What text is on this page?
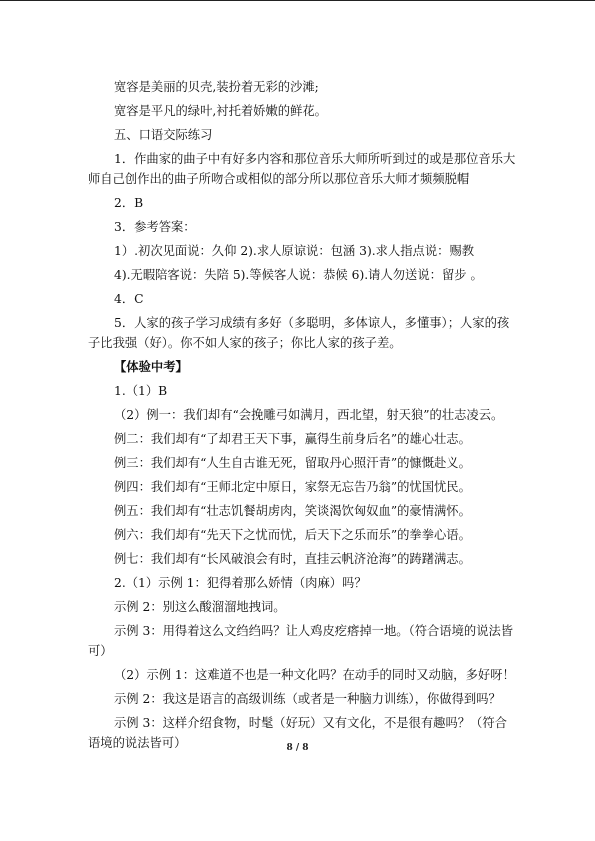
宽容是美丽的贝壳,装扮着无彩的沙滩;
宽容是平凡的绿叶,衬托着娇嫩的鲜花。
五、口语交际练习
1．作曲家的曲子中有好多内容和那位音乐大师所听到过的或是那位音乐大
师自己创作出的曲子所吻合或相似的部分所以那位音乐大师才频频脱帽
2．B
3．参考答案：
1）.初次见面说：久仰 2).求人原谅说：包涵 3).求人指点说：赐教
4).无暇陪客说：失陪 5).等候客人说：恭候 6).请人勿送说：留步 。
4．C
5．人家的孩子学习成绩有多好（多聪明，多体谅人，多懂事）；人家的孩
子比我强（好）。你不如人家的孩子；你比人家的孩子差。
【体验中考】
1.（1）B
（2）例一：我们却有“会挽雕弓如满月，西北望，射天狼”的壮志凌云。
例二：我们却有“了却君王天下事，赢得生前身后名”的雄心壮志。
例三：我们却有“人生自古谁无死，留取丹心照汗青”的慷慨赴义。
例四：我们却有“王师北定中原日，家祭无忘告乃翁”的忧国忧民。
例五：我们却有“壮志饥餐胡虏肉，笑谈渴饮匈奴血”的豪情满怀。
例六：我们却有“先天下之忧而忧，后天下之乐而乐”的拳拳心语。
例七：我们却有“长风破浪会有时，直挂云帆济沧海”的踌躇满志。
2.（1）示例 1：犯得着那么娇情（肉麻）吗？
示例 2：别这么酸溜溜地拽词。
示例 3：用得着这么文绉绉吗？让人鸡皮疙瘩掉一地。（符合语境的说法皆
可）
（2）示例 1：这难道不也是一种文化吗？在动手的同时又动脑，多好呀！
示例 2：我这是语言的高级训练（或者是一种脑力训练），你做得到吗？
示例 3：这样介绍食物，时髦（好玩）又有文化，不是很有趣吗？（符合
语境的说法皆可）	8 / 8
